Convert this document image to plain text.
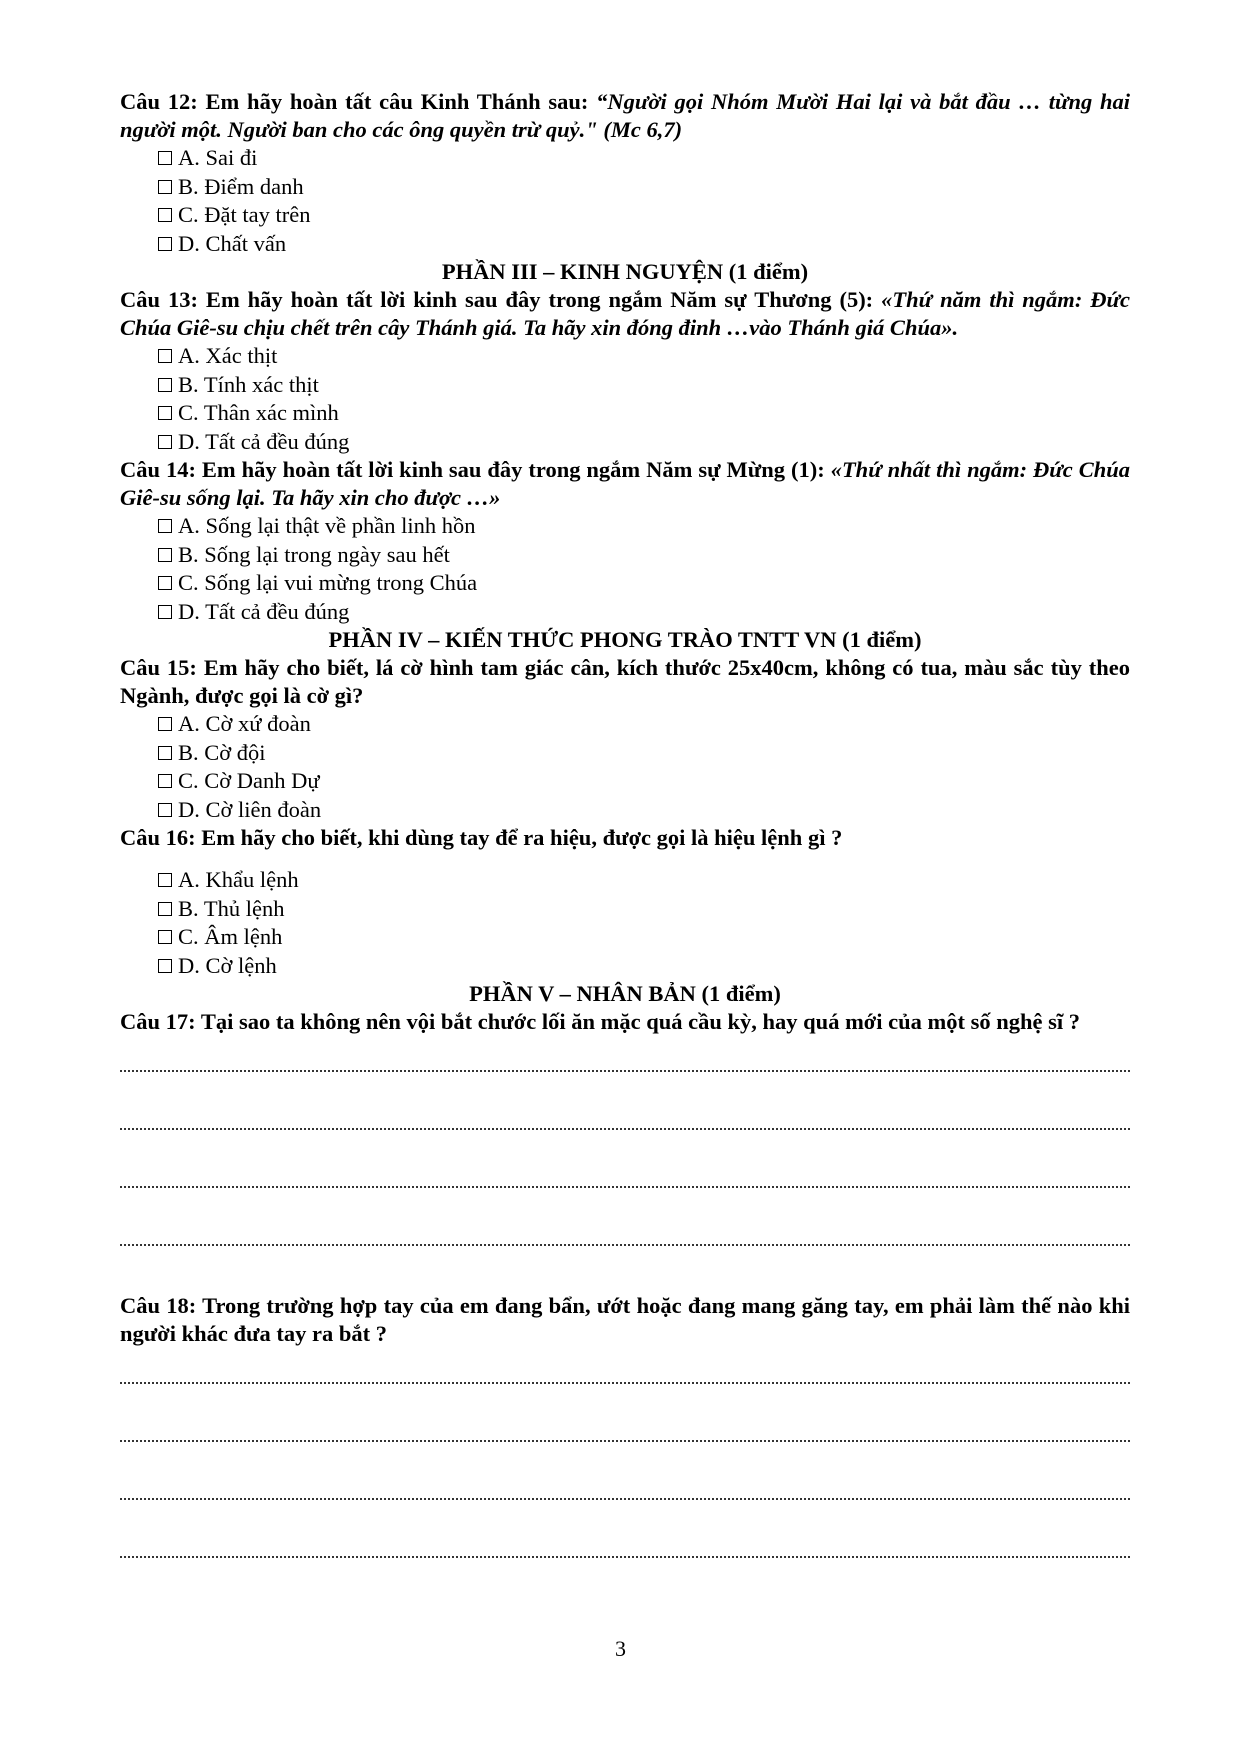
Câu 12: Em hãy hoàn tất câu Kinh Thánh sau: “Người gọi Nhóm Mười Hai lại và bắt đầu … từng hai người một. Người ban cho các ông quyền trừ quỷ." (Mc 6,7)
A. Sai đi
B. Điểm danh
C. Đặt tay trên
D. Chất vấn
PHẦN III – KINH NGUYỆN (1 điểm)
Câu 13: Em hãy hoàn tất lời kinh sau đây trong ngắm Năm sự Thương (5): «Thứ năm thì ngắm: Đức Chúa Giê-su chịu chết trên cây Thánh giá. Ta hãy xin đóng đinh …vào Thánh giá Chúa».
A. Xác thịt
B. Tính xác thịt
C. Thân xác mình
D. Tất cả đều đúng
Câu 14: Em hãy hoàn tất lời kinh sau đây trong ngắm Năm sự Mừng (1): «Thứ nhất thì ngắm: Đức Chúa Giê-su sống lại. Ta hãy xin cho được …»
A. Sống lại thật về phần linh hồn
B. Sống lại trong ngày sau hết
C. Sống lại vui mừng trong Chúa
D. Tất cả đều đúng
PHẦN IV – KIẾN THỨC PHONG TRÀO TNTT VN (1 điểm)
Câu 15: Em hãy cho biết, lá cờ hình tam giác cân, kích thước 25x40cm, không có tua, màu sắc tùy theo Ngành, được gọi là cờ gì?
A. Cờ xứ đoàn
B. Cờ đội
C. Cờ Danh Dự
D. Cờ liên đoàn
Câu 16: Em hãy cho biết, khi dùng tay để ra hiệu, được gọi là hiệu lệnh gì ?
A. Khẩu lệnh
B. Thủ lệnh
C. Âm lệnh
D. Cờ lệnh
PHẦN V – NHÂN BẢN (1 điểm)
Câu 17: Tại sao ta không nên vội bắt chước lối ăn mặc quá cầu kỳ, hay quá mới của một số nghệ sĩ ?
Câu 18: Trong trường hợp tay của em đang bẩn, ướt hoặc đang mang găng tay, em phải làm thế nào khi người khác đưa tay ra bắt ?
3
